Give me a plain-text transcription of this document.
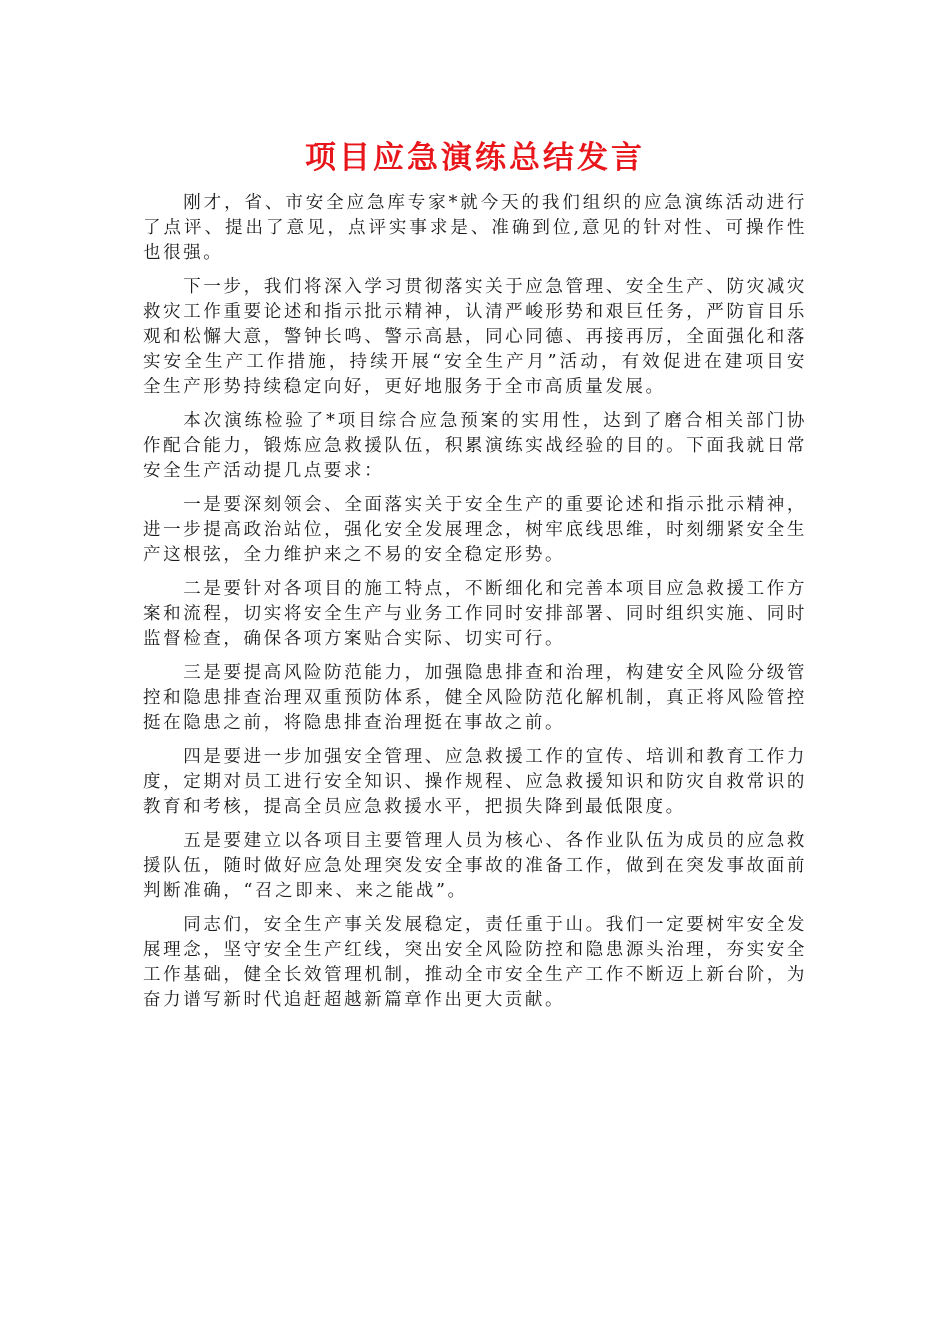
项目应急演练总结发言

刚才，省、市安全应急库专家*就今天的我们组织的应急演练活动进行了点评、提出了意见，点评实事求是、准确到位,意见的针对性、可操作性也很强。

下一步，我们将深入学习贯彻落实关于应急管理、安全生产、防灾减灾救灾工作重要论述和指示批示精神，认清严峻形势和艰巨任务，严防盲目乐观和松懈大意，警钟长鸣、警示高悬，同心同德、再接再厉，全面强化和落实安全生产工作措施，持续开展“安全生产月”活动，有效促进在建项目安全生产形势持续稳定向好，更好地服务于全市高质量发展。

本次演练检验了*项目综合应急预案的实用性，达到了磨合相关部门协作配合能力，锻炼应急救援队伍，积累演练实战经验的目的。下面我就日常安全生产活动提几点要求：

一是要深刻领会、全面落实关于安全生产的重要论述和指示批示精神，进一步提高政治站位，强化安全发展理念，树牢底线思维，时刻绷紧安全生产这根弦，全力维护来之不易的安全稳定形势。

二是要针对各项目的施工特点，不断细化和完善本项目应急救援工作方案和流程，切实将安全生产与业务工作同时安排部署、同时组织实施、同时监督检查，确保各项方案贴合实际、切实可行。

三是要提高风险防范能力，加强隐患排查和治理，构建安全风险分级管控和隐患排查治理双重预防体系，健全风险防范化解机制，真正将风险管控挺在隐患之前，将隐患排查治理挺在事故之前。

四是要进一步加强安全管理、应急救援工作的宣传、培训和教育工作力度，定期对员工进行安全知识、操作规程、应急救援知识和防灾自救常识的教育和考核，提高全员应急救援水平，把损失降到最低限度。

五是要建立以各项目主要管理人员为核心、各作业队伍为成员的应急救援队伍，随时做好应急处理突发安全事故的准备工作，做到在突发事故面前判断准确，“召之即来、来之能战”。

同志们，安全生产事关发展稳定，责任重于山。我们一定要树牢安全发展理念，坚守安全生产红线，突出安全风险防控和隐患源头治理，夯实安全工作基础，健全长效管理机制，推动全市安全生产工作不断迈上新台阶，为奋力谱写新时代追赶超越新篇章作出更大贡献。
